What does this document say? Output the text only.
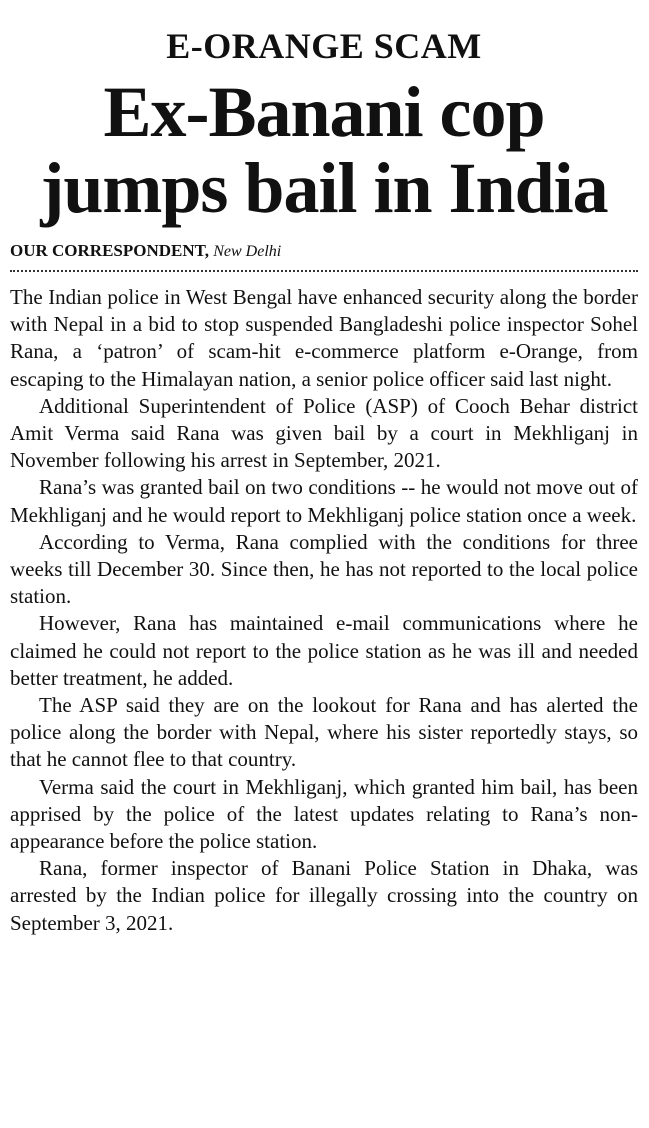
E-ORANGE SCAM
Ex-Banani cop jumps bail in India
OUR CORRESPONDENT, New Delhi

The Indian police in West Bengal have enhanced security along the border with Nepal in a bid to stop suspended Bangladeshi police inspector Sohel Rana, a ‘patron’ of scam-hit e-commerce platform e-Orange, from escaping to the Himalayan nation, a senior police officer said last night.

Additional Superintendent of Police (ASP) of Cooch Behar district Amit Verma said Rana was given bail by a court in Mekhliganj in November following his arrest in September, 2021.

Rana’s was granted bail on two conditions -- he would not move out of Mekhliganj and he would report to Mekhliganj police station once a week.

According to Verma, Rana complied with the conditions for three weeks till December 30. Since then, he has not reported to the local police station.

However, Rana has maintained e-mail communications where he claimed he could not report to the police station as he was ill and needed better treatment, he added.

The ASP said they are on the lookout for Rana and has alerted the police along the border with Nepal, where his sister reportedly stays, so that he cannot flee to that country.

Verma said the court in Mekhliganj, which granted him bail, has been apprised by the police of the latest updates relating to Rana’s non-appearance before the police station.

Rana, former inspector of Banani Police Station in Dhaka, was arrested by the Indian police for illegally crossing into the country on September 3, 2021.
